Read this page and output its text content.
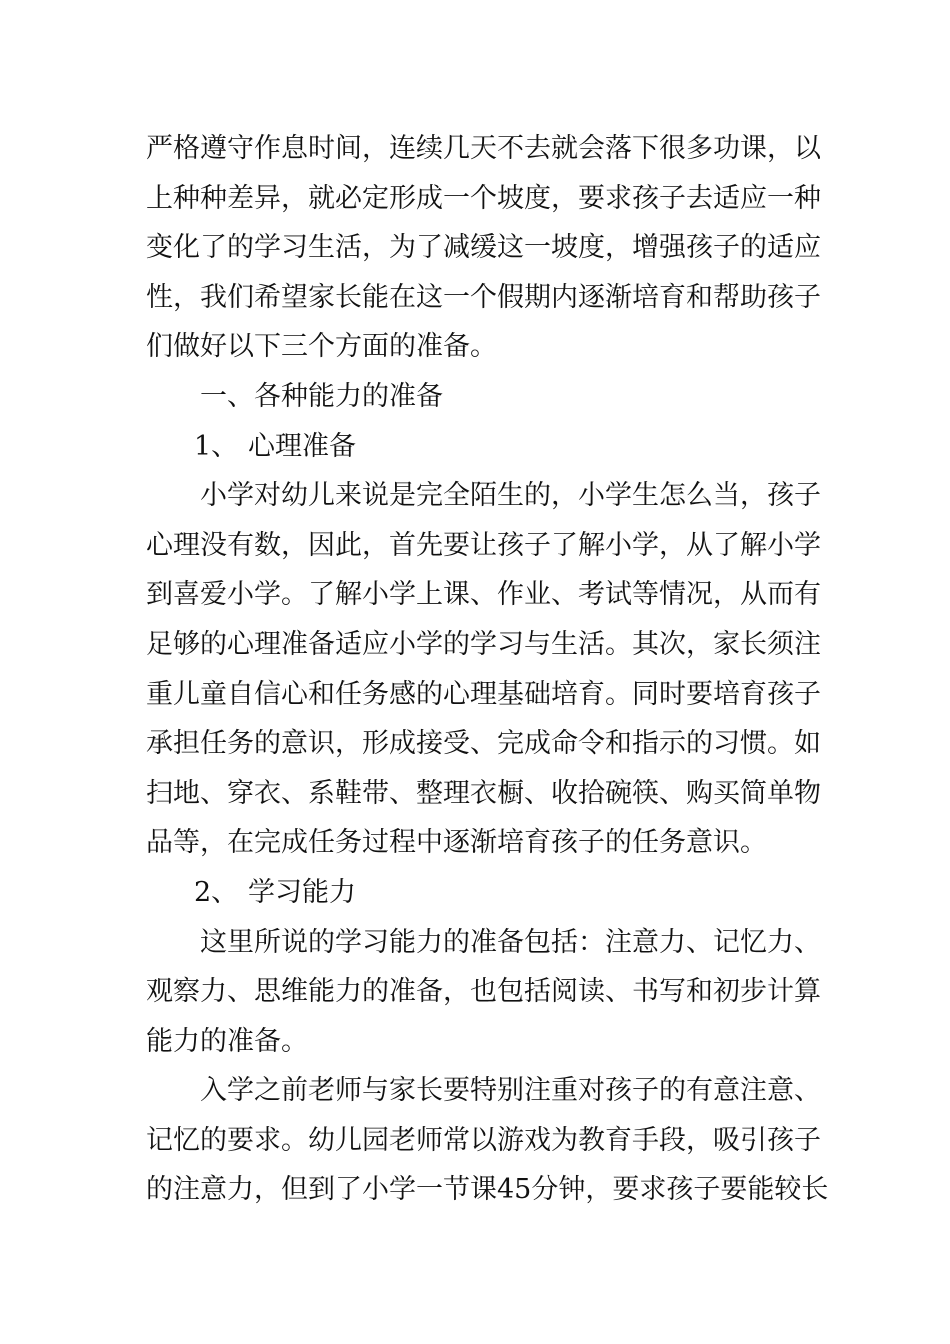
严格遵守作息时间，连续几天不去就会落下很多功课，以
上种种差异，就必定形成一个坡度，要求孩子去适应一种
变化了的学习生活，为了减缓这一坡度，增强孩子的适应
性，我们希望家长能在这一个假期内逐渐培育和帮助孩子
们做好以下三个方面的准备。
一、各种能力的准备
1、 心理准备
小学对幼儿来说是完全陌生的，小学生怎么当，孩子
心理没有数，因此，首先要让孩子了解小学，从了解小学
到喜爱小学。了解小学上课、作业、考试等情况，从而有
足够的心理准备适应小学的学习与生活。其次，家长须注
重儿童自信心和任务感的心理基础培育。同时要培育孩子
承担任务的意识，形成接受、完成命令和指示的习惯。如
扫地、穿衣、系鞋带、整理衣橱、收拾碗筷、购买简单物
品等，在完成任务过程中逐渐培育孩子的任务意识。
2、 学习能力
这里所说的学习能力的准备包括：注意力、记忆力、
观察力、思维能力的准备，也包括阅读、书写和初步计算
能力的准备。
入学之前老师与家长要特别注重对孩子的有意注意、
记忆的要求。幼儿园老师常以游戏为教育手段，吸引孩子
的注意力，但到了小学一节课45分钟，要求孩子要能较长
